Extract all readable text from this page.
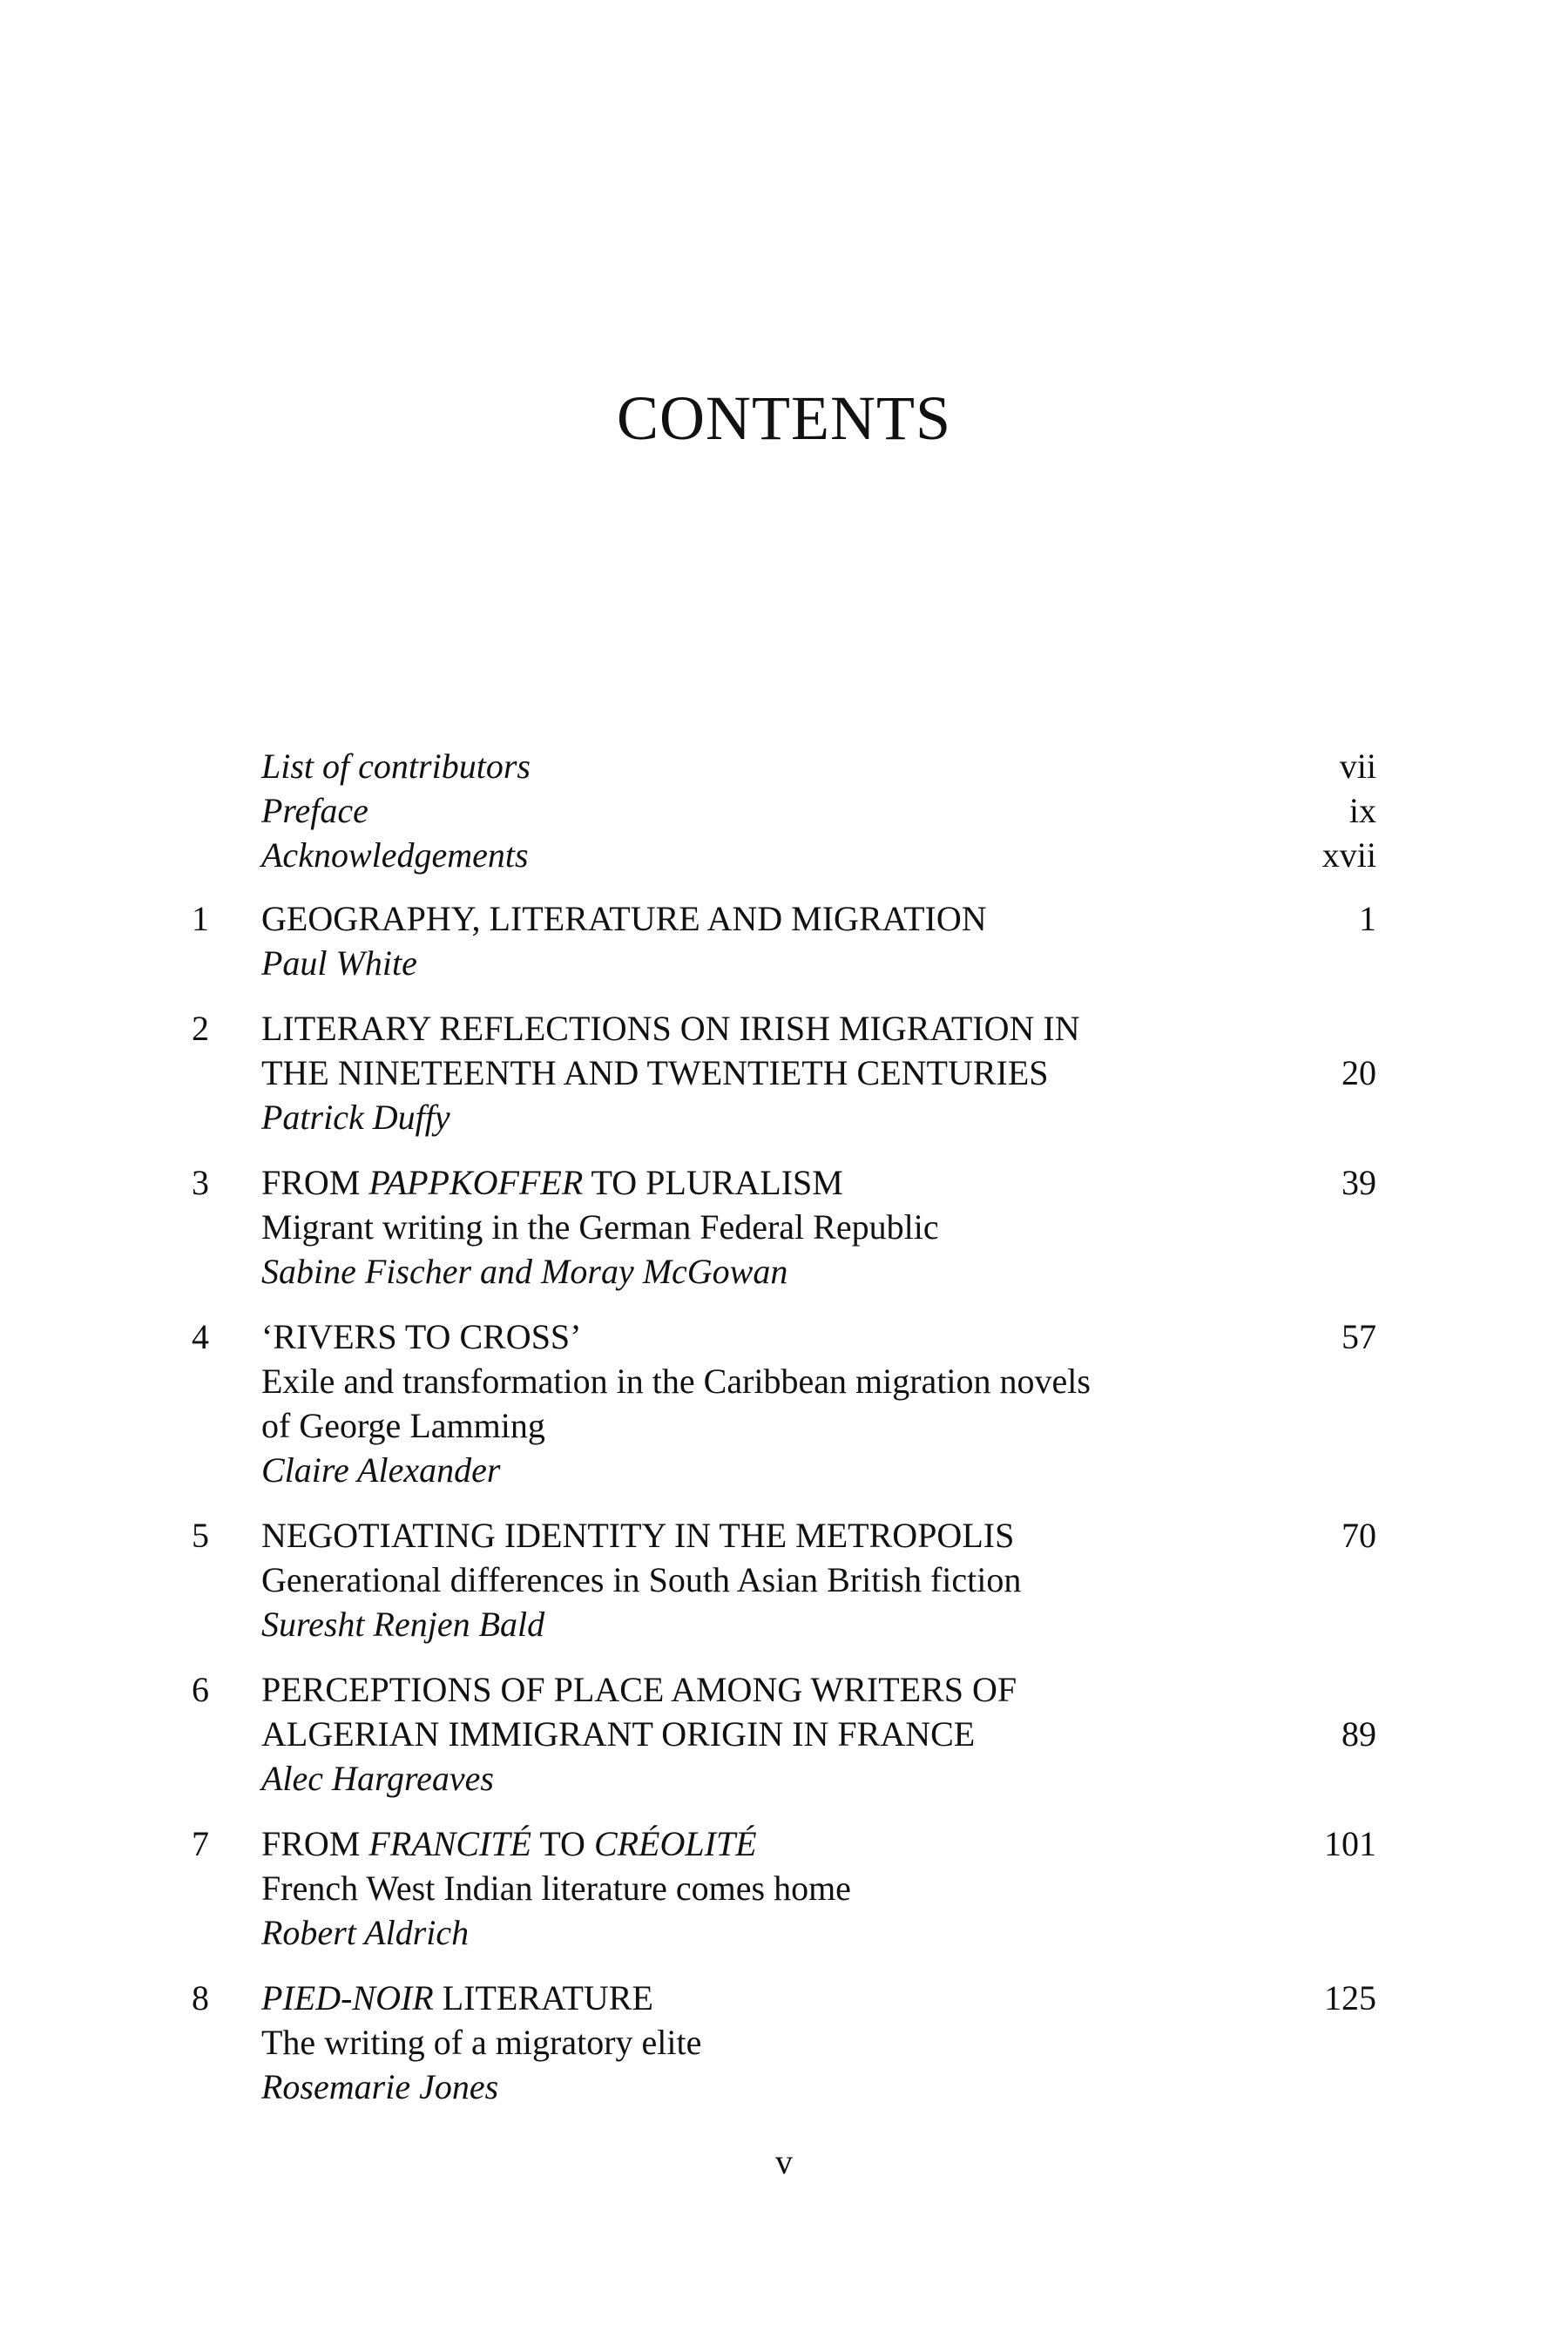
CONTENTS
List of contributors	vii
Preface	ix
Acknowledgements	xvii
1	GEOGRAPHY, LITERATURE AND MIGRATION	1
Paul White
2	LITERARY REFLECTIONS ON IRISH MIGRATION IN
THE NINETEENTH AND TWENTIETH CENTURIES	20
Patrick Duffy
3	FROM PAPPKOFFER TO PLURALISM	39
Migrant writing in the German Federal Republic
Sabine Fischer and Moray McGowan
4	‘RIVERS TO CROSS’	57
Exile and transformation in the Caribbean migration novels
of George Lamming
Claire Alexander
5	NEGOTIATING IDENTITY IN THE METROPOLIS	70
Generational differences in South Asian British fiction
Suresht Renjen Bald
6	PERCEPTIONS OF PLACE AMONG WRITERS OF
ALGERIAN IMMIGRANT ORIGIN IN FRANCE	89
Alec Hargreaves
7	FROM FRANCITÉ TO CRÉOLITÉ	101
French West Indian literature comes home
Robert Aldrich
8	PIED-NOIR LITERATURE	125
The writing of a migratory elite
Rosemarie Jones
v
